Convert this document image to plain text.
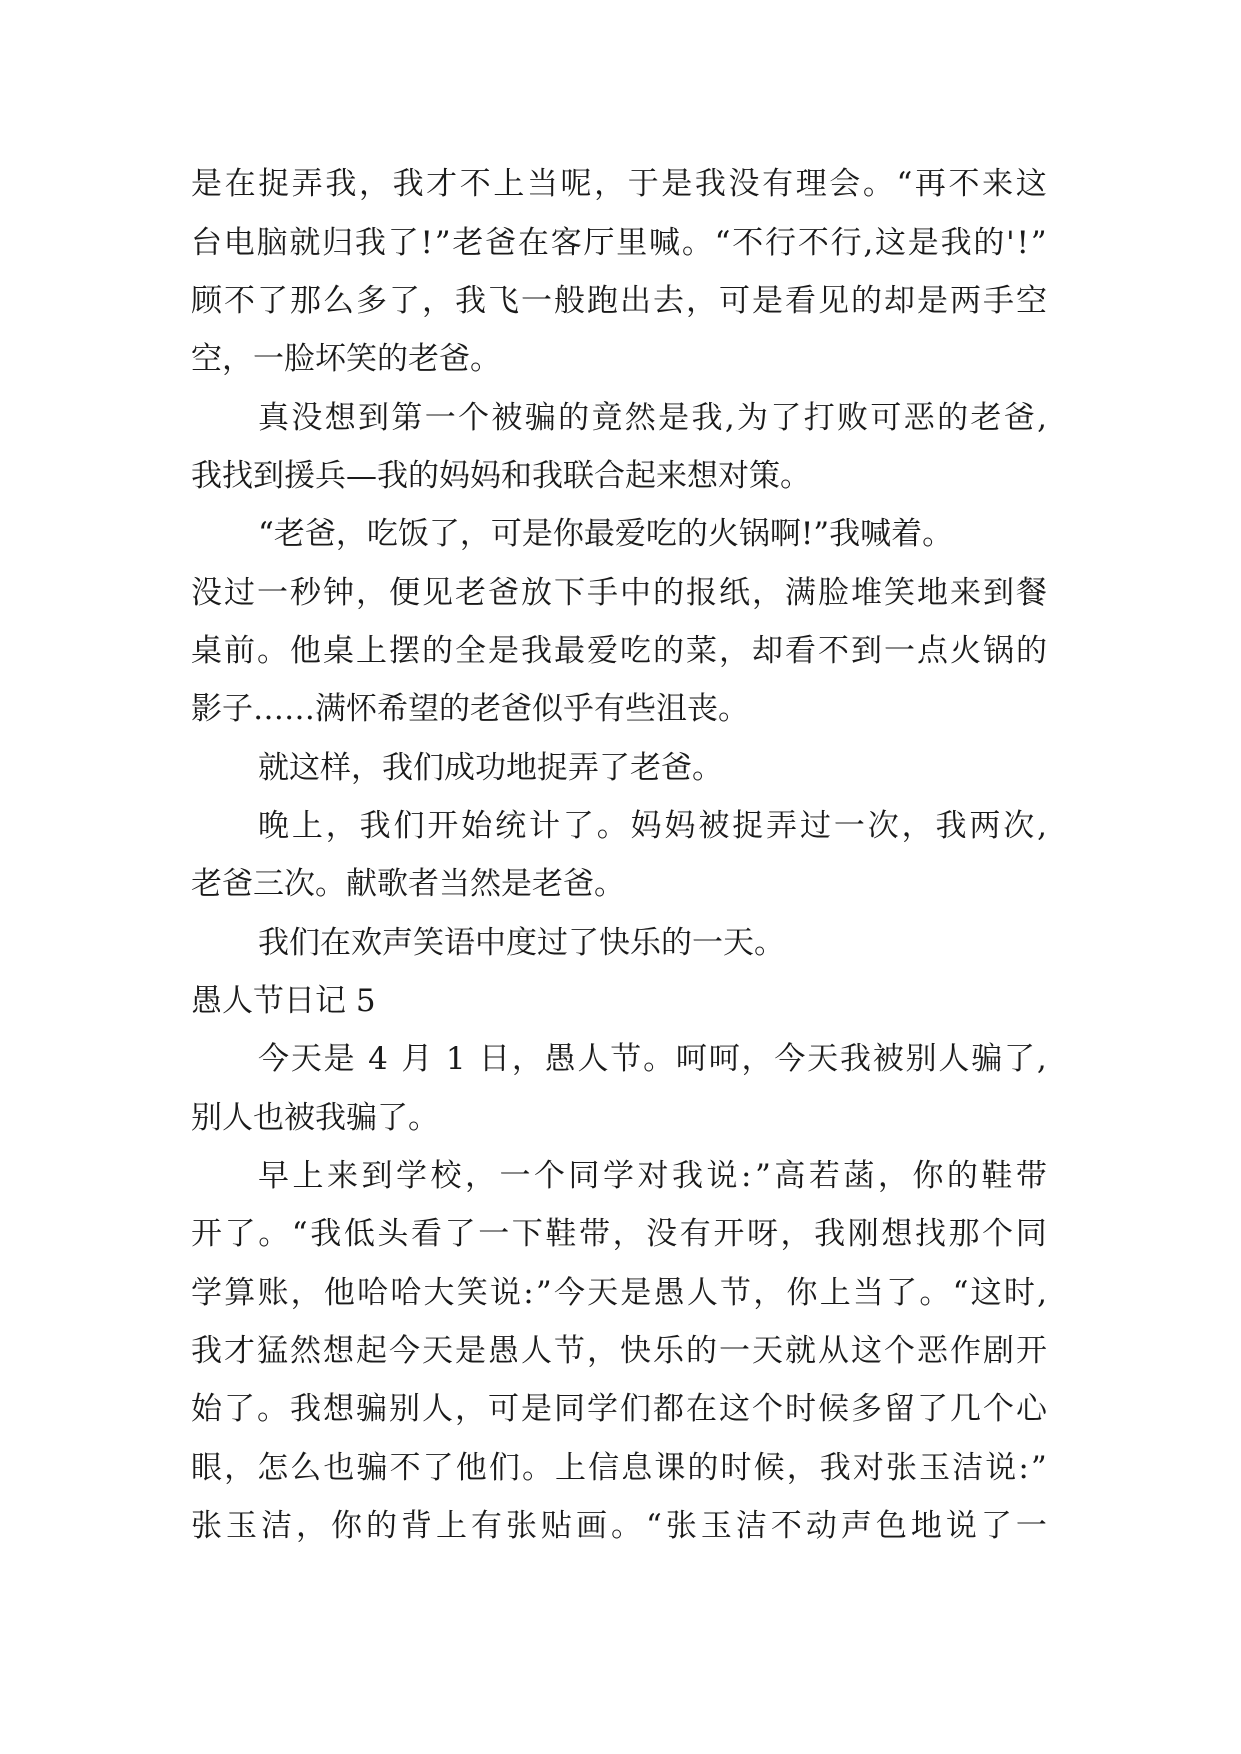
是 在 捉 弄 我 ， 我 才 不 上 当 呢 ， 于 是 我 没 有 理 会 。 “ 再 不 来 这
台 电 脑 就 归 我 了 ! ” 老 爸 在 客 厅 里 喊 。 “ 不 行 不 行 , 这 是 我 的 ' ! ”
顾 不 了 那 么 多 了 ， 我 飞 一 般 跑 出 去 ， 可 是 看 见 的 却 是 两 手 空
空，一脸坏笑的老爸。
真 没 想 到 第 一 个 被 骗 的 竟 然 是 我 , 为 了 打 败 可 恶 的 老 爸 ,
我找到援兵—我的妈妈和我联合起来想对策。
“老爸，吃饭了，可是你最爱吃的火锅啊!”我喊着。
没 过 一 秒 钟 ， 便 见 老 爸 放 下 手 中 的 报 纸 ， 满 脸 堆 笑 地 来 到 餐
桌 前 。 他 桌 上 摆 的 全 是 我 最 爱 吃 的 菜 ， 却 看 不 到 一 点 火 锅 的
影子……满怀希望的老爸似乎有些沮丧。
就这样，我们成功地捉弄了老爸。
晚 上 ， 我 们 开 始 统 计 了 。 妈 妈 被 捉 弄 过 一 次 ， 我 两 次 ,
老爸三次。献歌者当然是老爸。
我们在欢声笑语中度过了快乐的一天。
愚人节日记 5
今 天 是
4
月
1
日 ， 愚 人 节 。 呵 呵 ， 今 天 我 被 别 人 骗 了 ,
别人也被我骗了。
早 上 来 到 学 校 ， 一 个 同 学 对 我 说 : ” 高 若 菡 ， 你 的 鞋 带
开 了 。 “ 我 低 头 看 了 一 下 鞋 带 ， 没 有 开 呀 ， 我 刚 想 找 那 个 同
学 算 账 ， 他 哈 哈 大 笑 说 : ” 今 天 是 愚 人 节 ， 你 上 当 了 。 “ 这 时 ,
我 才 猛 然 想 起 今 天 是 愚 人 节 ， 快 乐 的 一 天 就 从 这 个 恶 作 剧 开
始 了 。 我 想 骗 别 人 ， 可 是 同 学 们 都 在 这 个 时 候 多 留 了 几 个 心
眼 ， 怎 么 也 骗 不 了 他 们 。 上 信 息 课 的 时 候 ， 我 对 张 玉 洁 说 : ”
张 玉 洁 ， 你 的 背 上 有 张 贴 画 。 “ 张 玉 洁 不 动 声 色 地 说 了 一
